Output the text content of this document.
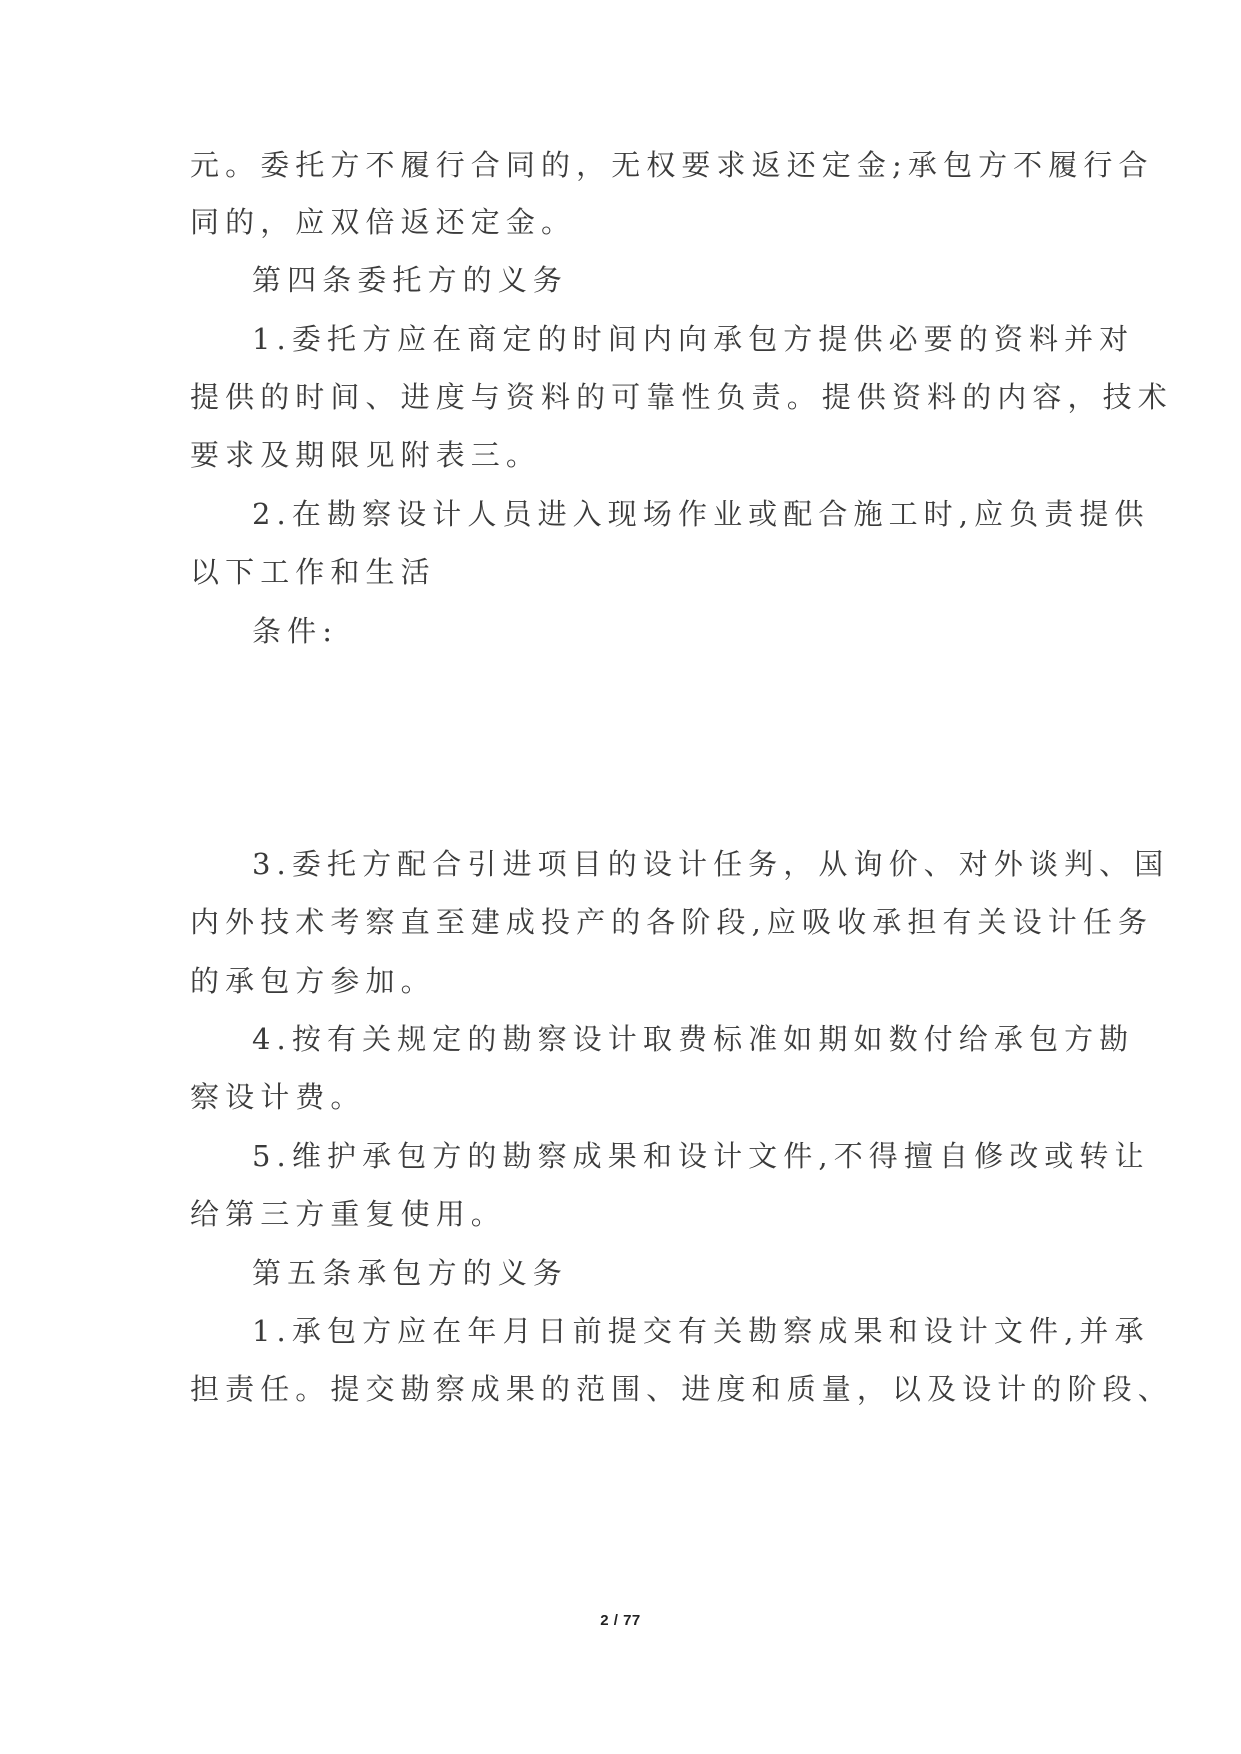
元。委托方不履行合同的，无权要求返还定金;承包方不履行合
同的，应双倍返还定金。
第四条委托方的义务
1.委托方应在商定的时间内向承包方提供必要的资料并对
提供的时间、进度与资料的可靠性负责。提供资料的内容，技术
要求及期限见附表三。
2.在勘察设计人员进入现场作业或配合施工时,应负责提供
以下工作和生活
条件:
3.委托方配合引进项目的设计任务，从询价、对外谈判、国
内外技术考察直至建成投产的各阶段,应吸收承担有关设计任务
的承包方参加。
4.按有关规定的勘察设计取费标准如期如数付给承包方勘
察设计费。
5.维护承包方的勘察成果和设计文件,不得擅自修改或转让
给第三方重复使用。
第五条承包方的义务
1.承包方应在年月日前提交有关勘察成果和设计文件,并承
担责任。提交勘察成果的范围、进度和质量，以及设计的阶段、
2 / 77
